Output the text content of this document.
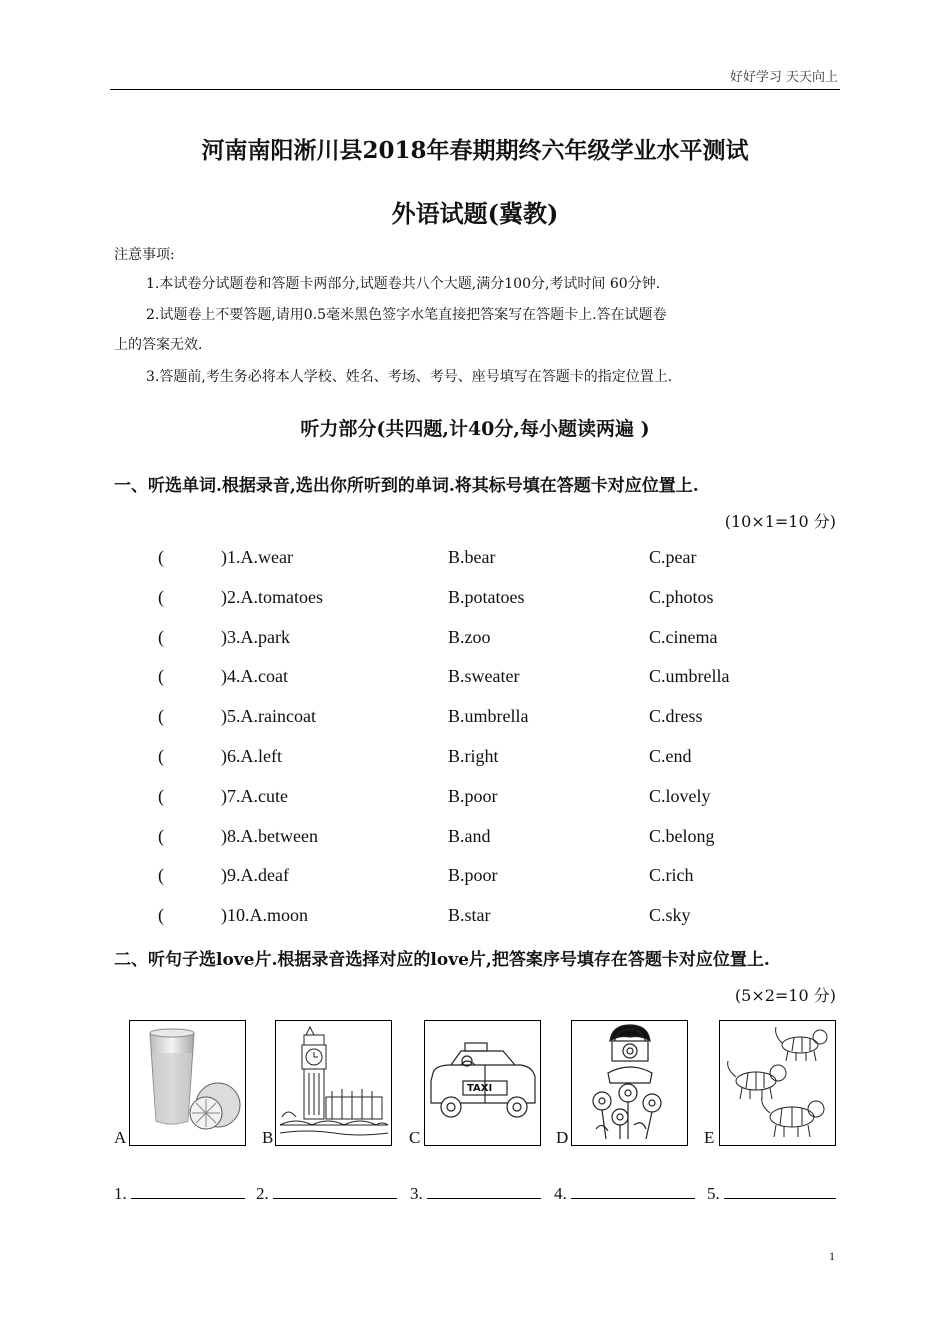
好好学习 天天向上
河南南阳淅川县2018年春期期终六年级学业水平测试
外语试题(冀教)
注意事项:
1.本试卷分试题卷和答题卡两部分,试题卷共八个大题,满分100分,考试时间 60分钟.
2.试题卷上不要答题,请用0.5毫米黑色签字水笔直接把答案写在答题卡上.答在试题卷
上的答案无效.
3.答题前,考生务必将本人学校、姓名、考场、考号、座号填写在答题卡的指定位置上.
听力部分(共四题,计40分,每小题读两遍 )
一、听选单词.根据录音,选出你所听到的单词.将其标号填在答题卡对应位置上.
(10×1=10 分)
(	)1.A.wear	B.bear	C.pear
(	)2.A.tomatoes	B.potatoes	C.photos
(	)3.A.park	B.zoo	C.cinema
(	)4.A.coat	B.sweater	C.umbrella
(	)5.A.raincoat	B.umbrella	C.dress
(	)6.A.left	B.right	C.end
(	)7.A.cute	B.poor	C.lovely
(	)8.A.between	B.and	C.belong
(	)9.A.deaf	B.poor	C.rich
(	)10.A.moon	B.star	C.sky
二、听句子选love片.根据录音选择对应的love片,把答案序号填存在答题卡对应位置上.
(5×2=10 分)
A	B	C
TAXI
D	E
1.	2.	3.	4.	5.
1
